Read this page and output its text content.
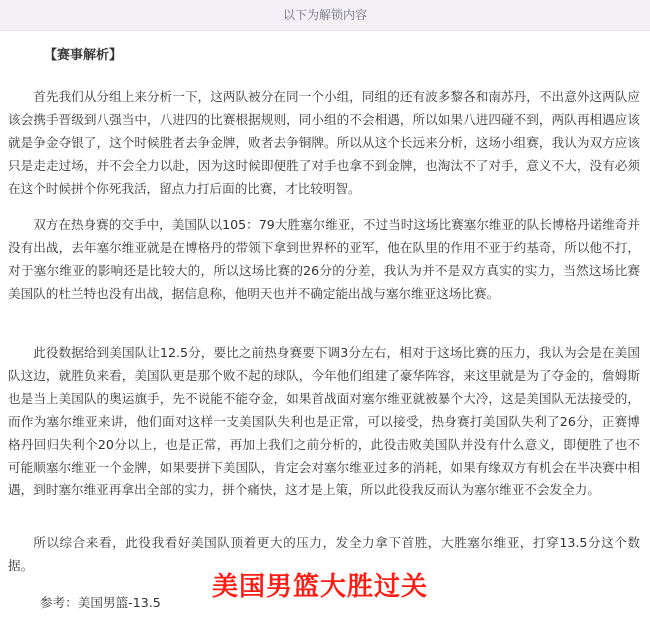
以下为解锁内容
【赛事解析】

首先我们从分组上来分析一下，这两队被分在同一个小组，同组的还有波多黎各和南苏丹，不出意外这两队应该会携手晋级到八强当中，八进四的比赛根据规则，同小组的不会相遇，所以如果八进四碰不到，两队再相遇应该就是争金夺银了，这个时候胜者去争金牌，败者去争铜牌。所以从这个长远来分析，这场小组赛，我认为双方应该只是走走过场，并不会全力以赴，因为这时候即便胜了对手也拿不到金牌，也淘汰不了对手，意义不大，没有必须在这个时候拼个你死我活，留点力打后面的比赛，才比较明智。

双方在热身赛的交手中，美国队以105：79大胜塞尔维亚，不过当时这场比赛塞尔维亚的队长博格丹诺维奇并没有出战，去年塞尔维亚就是在博格丹的带领下拿到世界杯的亚军，他在队里的作用不亚于约基奇，所以他不打，对于塞尔维亚的影响还是比较大的，所以这场比赛的26分的分差，我认为并不是双方真实的实力，当然这场比赛美国队的杜兰特也没有出战，据信息称，他明天也并不确定能出战与塞尔维亚这场比赛。

此役数据给到美国队让12.5分，要比之前热身赛要下调3分左右，相对于这场比赛的压力，我认为会是在美国队这边，就胜负来看，美国队更是那个败不起的球队，今年他们组建了豪华阵容，来这里就是为了夺金的，詹姆斯也是当上美国队的奥运旗手，先不说能不能夺金，如果首战面对塞尔维亚就被暴个大冷，这是美国队无法接受的，而作为塞尔维亚来讲，他们面对这样一支美国队失利也是正常，可以接受，热身赛打美国队失利了26分，正赛博格丹回归失利个20分以上，也是正常，再加上我们之前分析的，此役击败美国队并没有什么意义，即便胜了也不可能顺塞尔维亚一个金牌，如果要拼下美国队，肯定会对塞尔维亚过多的消耗，如果有缘双方有机会在半决赛中相遇，到时塞尔维亚再拿出全部的实力，拼个痛快，这才是上策，所以此役我反而认为塞尔维亚不会发全力。

所以综合来看，此役我看好美国队顶着更大的压力，发全力拿下首胜，大胜塞尔维亚，打穿13.5分这个数据。

参考：美国男篮-13.5
美国男篮大胜过关
